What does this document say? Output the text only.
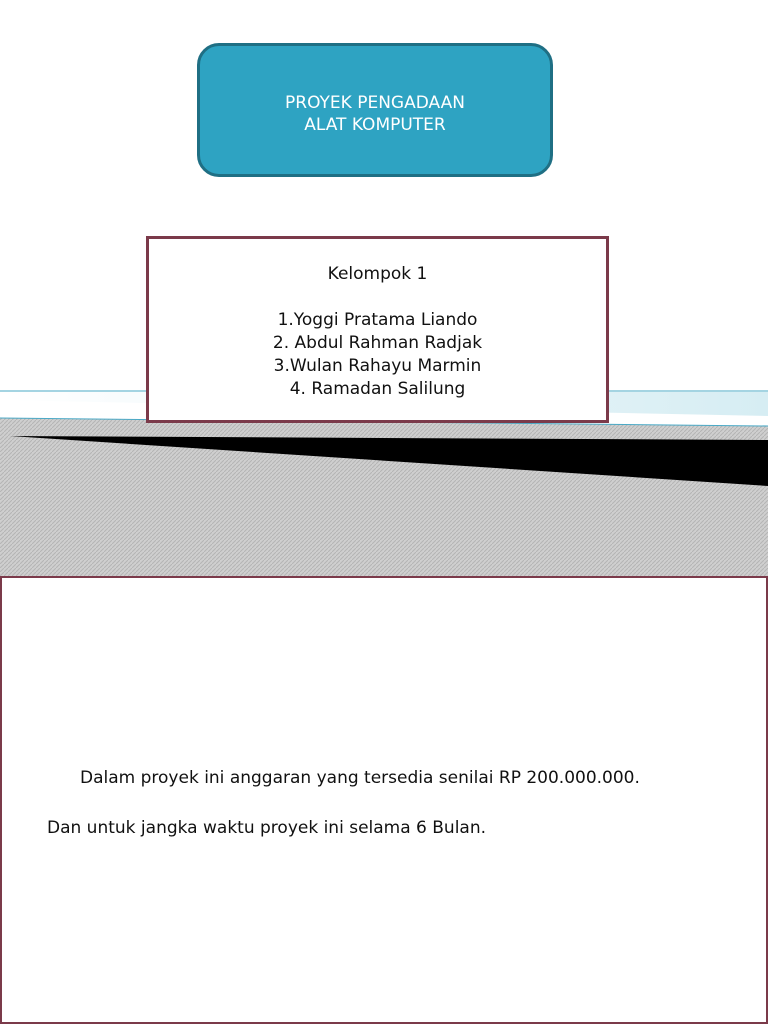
PROYEK PENGADAAN
ALAT KOMPUTER
Kelompok 1
1.Yoggi Pratama Liando
2. Abdul Rahman Radjak
3.Wulan Rahayu Marmin
4. Ramadan Salilung
Dalam proyek ini anggaran yang tersedia senilai RP 200.000.000.
Dan untuk jangka waktu proyek ini selama 6 Bulan.
